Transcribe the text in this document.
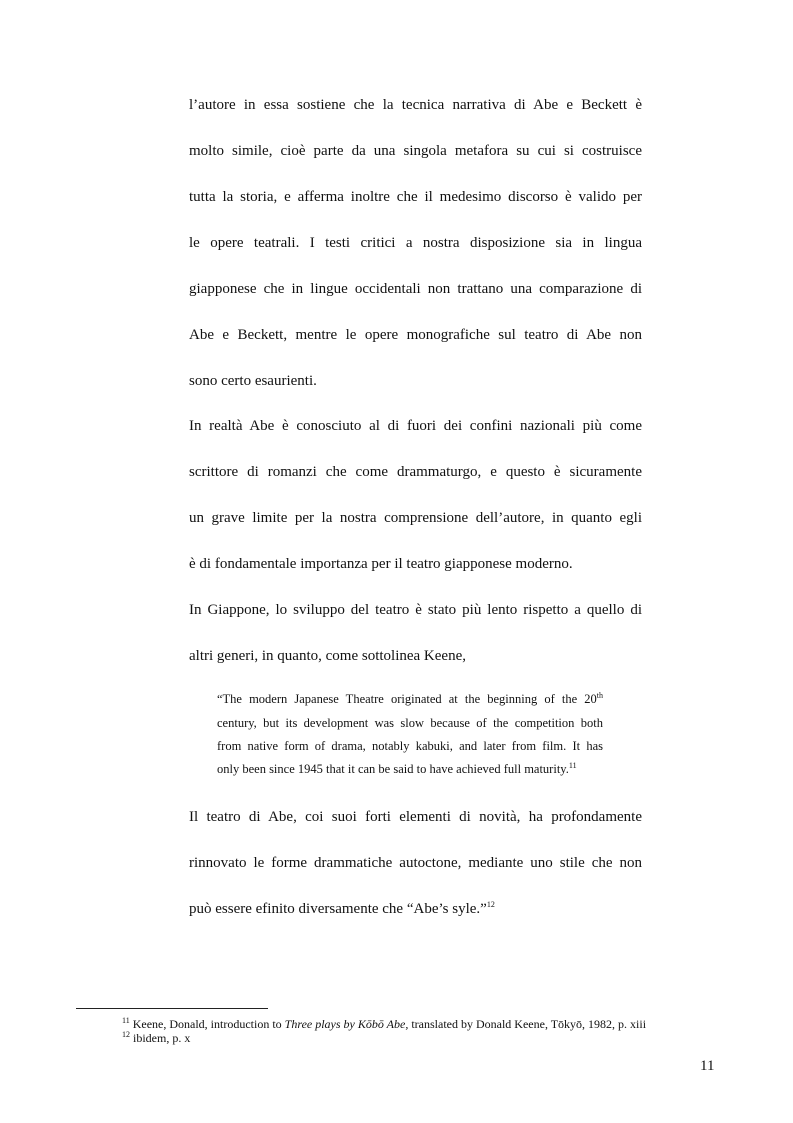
l’autore in essa sostiene che la tecnica narrativa di Abe e Beckett è
molto simile, cioè parte da una singola metafora su cui si costruisce
tutta la storia, e afferma inoltre che il medesimo discorso è valido per
le opere teatrali. I testi critici a nostra disposizione sia in lingua
giapponese che in lingue occidentali non trattano una comparazione di
Abe e Beckett, mentre le opere monografiche sul teatro di Abe non
sono certo esaurienti.
In realtà Abe è conosciuto al di fuori dei confini nazionali più come
scrittore di romanzi che come drammaturgo, e questo è sicuramente
un grave limite per la nostra comprensione dell’autore, in quanto egli
è di fondamentale importanza per il teatro giapponese moderno.
In Giappone, lo sviluppo del teatro è stato più lento rispetto a quello di
altri generi, in quanto, come sottolinea Keene,
“The modern Japanese Theatre originated at the beginning of the 20th
century, but its development was slow because of the competition both
from native form of drama, notably kabuki, and later from film. It has
only been since 1945 that it can be said to have achieved full maturity.$^{11}$
Il teatro di Abe, coi suoi forti elementi di novità, ha profondamente
rinnovato le forme drammatiche autoctone, mediante uno stile che non
può essere efinito diversamente che “Abe’s syle.”$^{12}$
$^{11}$ Keene, Donald, introduction to Three plays by Kōbō Abe, translated by Donald Keene, Tōkyō, 1982, p. xiii
$^{12}$ ibidem, p. x
11
